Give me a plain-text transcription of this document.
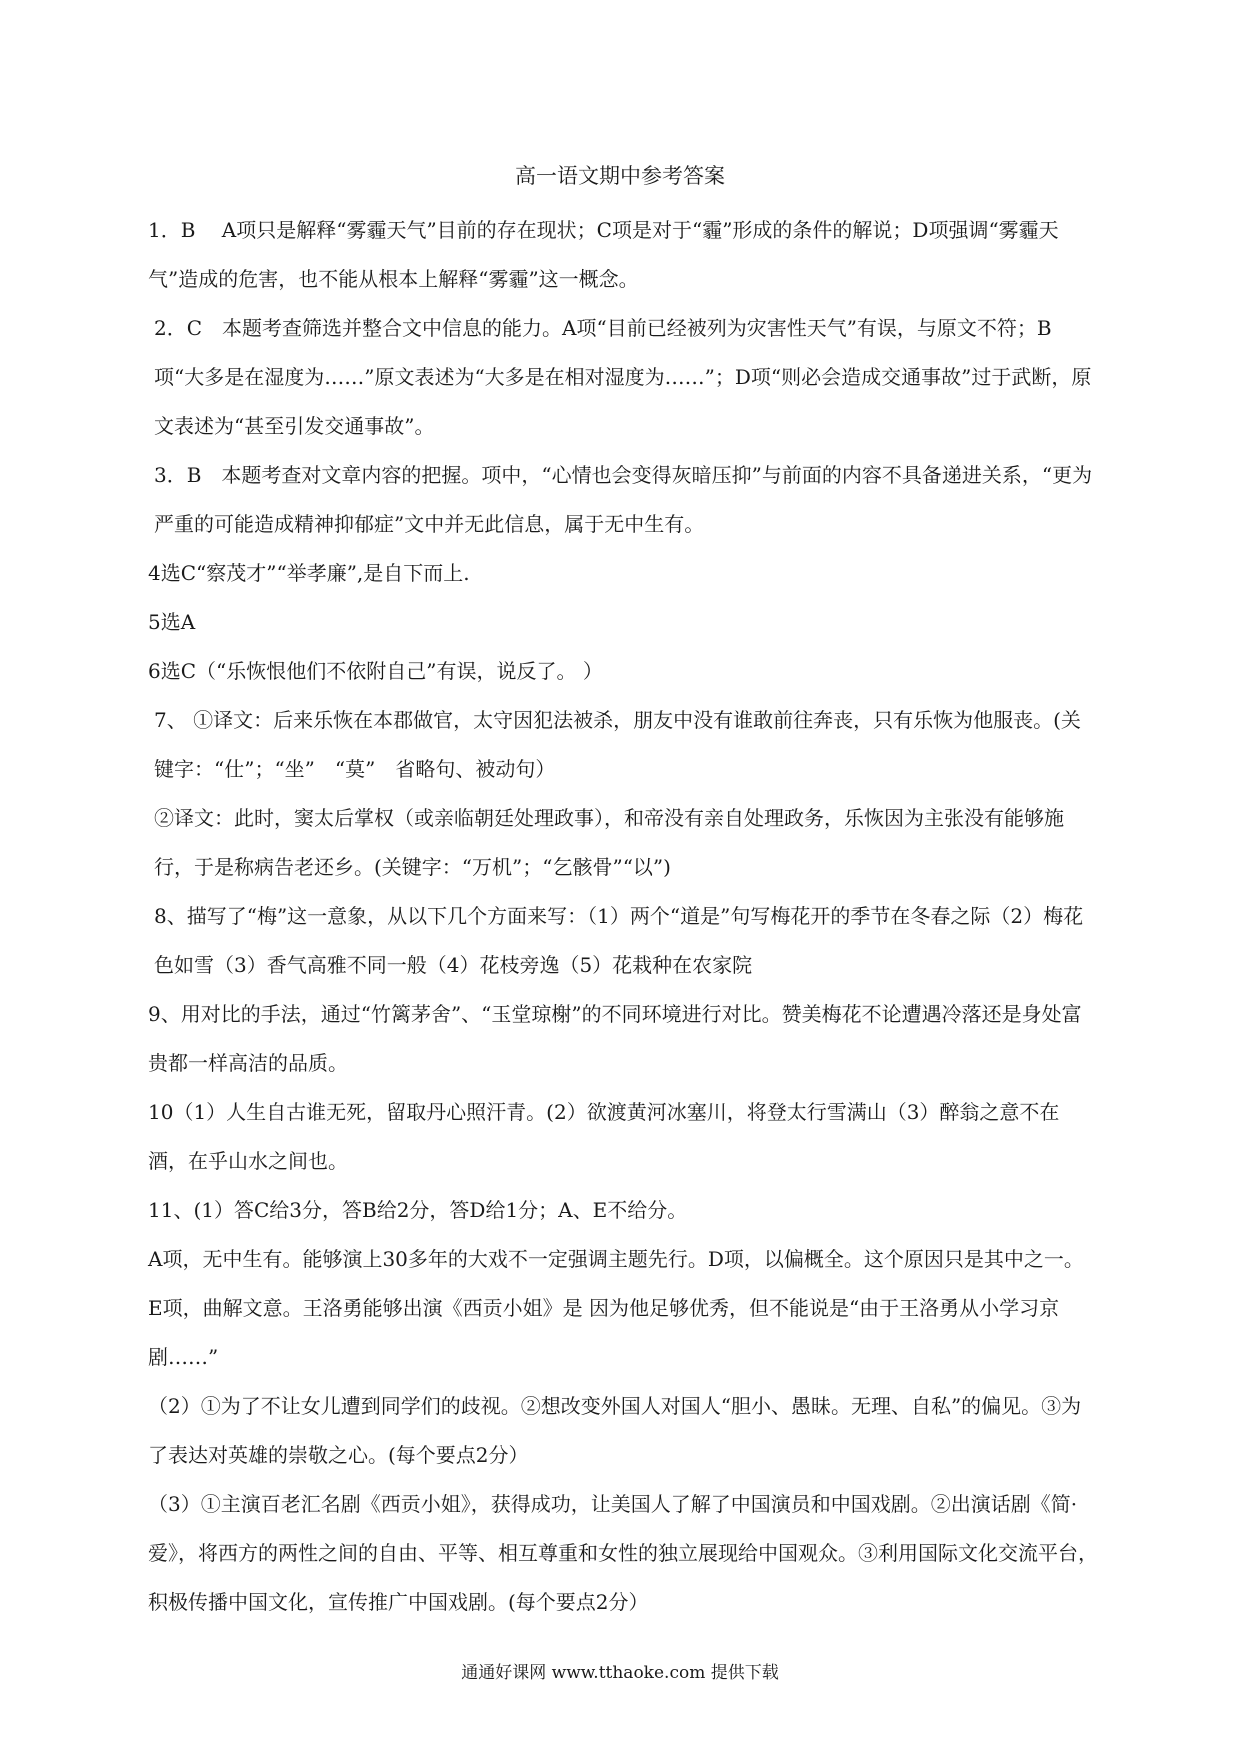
高一语文期中参考答案

1．B　 A项只是解释“雾霾天气”目前的存在现状；C项是对于“霾”形成的条件的解说；D项强调“雾霾天气”造成的危害，也不能从根本上解释“雾霾”这一概念。

2．C　本题考查筛选并整合文中信息的能力。A项“目前已经被列为灾害性天气”有误，与原文不符；B项“大多是在湿度为……”原文表述为“大多是在相对湿度为……”；D项“则必会造成交通事故”过于武断，原文表述为“甚至引发交通事故”。

3．B　本题考查对文章内容的把握。项中，“心情也会变得灰暗压抑”与前面的内容不具备递进关系，“更为严重的可能造成精神抑郁症”文中并无此信息，属于无中生有。

4选C“察茂才”“举孝廉”,是自下而上.

5选A

6选C（“乐恢恨他们不依附自己”有误，说反了。 ）

7、 ①译文：后来乐恢在本郡做官，太守因犯法被杀，朋友中没有谁敢前往奔丧，只有乐恢为他服丧。(关键字：“仕”；“坐”　“莫”　省略句、被动句）

②译文：此时，窦太后掌权（或亲临朝廷处理政事），和帝没有亲自处理政务，乐恢因为主张没有能够施行，于是称病告老还乡。(关键字：“万机”；“乞骸骨”“以”)

8、描写了“梅”这一意象，从以下几个方面来写：（1）两个“道是”句写梅花开的季节在冬春之际（2）梅花色如雪（3）香气高雅不同一般（4）花枝旁逸（5）花栽种在农家院

9、用对比的手法，通过“竹篱茅舍”、“玉堂琼榭”的不同环境进行对比。赞美梅花不论遭遇冷落还是身处富贵都一样高洁的品质。

10（1）人生自古谁无死，留取丹心照汗青。(2）欲渡黄河冰塞川，将登太行雪满山（3）醉翁之意不在酒，在乎山水之间也。

11、(1）答C给3分，答B给2分，答D给1分；A、E不给分。

A项，无中生有。能够演上30多年的大戏不一定强调主题先行。D项，以偏概全。这个原因只是其中之一。E项，曲解文意。王洛勇能够出演《西贡小姐》是 因为他足够优秀，但不能说是“由于王洛勇从小学习京剧……”

（2）①为了不让女儿遭到同学们的歧视。②想改变外国人对国人“胆小、愚昧。无理、自私”的偏见。③为了表达对英雄的崇敬之心。(每个要点2分）

（3）①主演百老汇名剧《西贡小姐》，获得成功，让美国人了解了中国演员和中国戏剧。②出演话剧《简·爱》，将西方的两性之间的自由、平等、相互尊重和女性的独立展现给中国观众。③利用国际文化交流平台，积极传播中国文化，宣传推广中国戏剧。(每个要点2分）

通通好课网 www.tthaoke.com 提供下载
